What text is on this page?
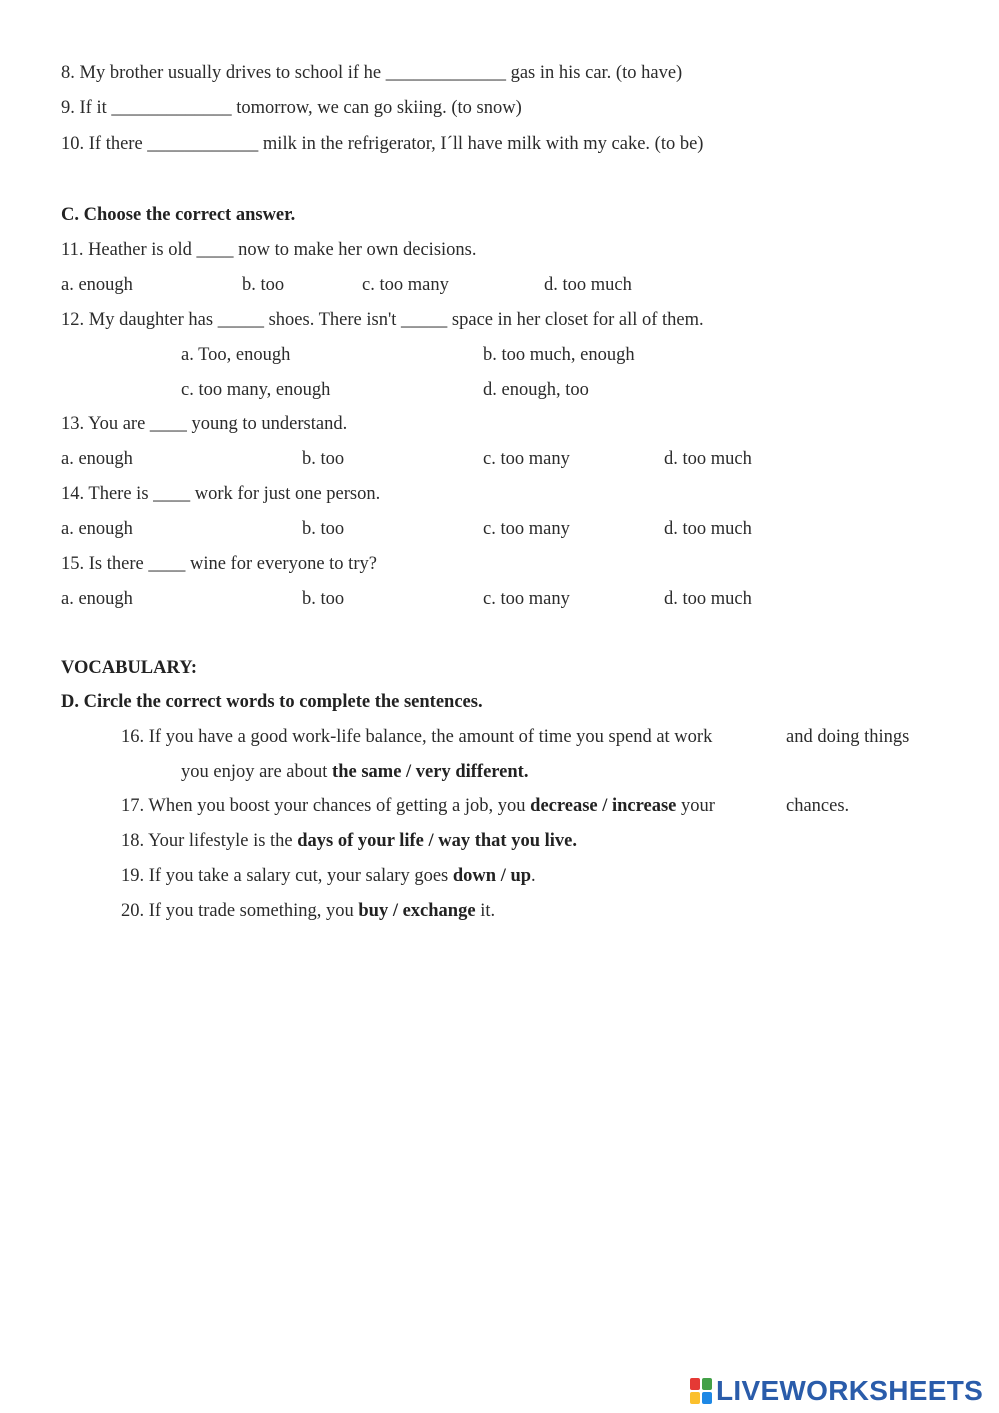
8. My brother usually drives to school if he _____________ gas in his car. (to have)
9. If it _____________ tomorrow, we can go skiing. (to snow)
10. If there ____________ milk in the refrigerator, I´ll have milk with my cake. (to be)
C. Choose the correct answer.
11. Heather is old ____ now to make her own decisions.
a. enough	b. too	c. too many	d. too much
12. My daughter has _____ shoes. There isn't _____ space in her closet for all of them.
a. Too, enough	b. too much, enough
c. too many, enough	d. enough, too
13. You are ____ young to understand.
a. enough	b. too	c. too many	d. too much
14. There is ____ work for just one person.
a. enough	b. too	c. too many	d. too much
15. Is there ____ wine for everyone to try?
a. enough	b. too	c. too many	d. too much
VOCABULARY:
D. Circle the correct words to complete the sentences.
16. If you have a good work-life balance, the amount of time you spend at work	and doing things
you enjoy are about the same / very different.
17. When you boost your chances of getting a job, you decrease / increase your	chances.
18. Your lifestyle is the days of your life / way that you live.
19. If you take a salary cut, your salary goes down / up.
20. If you trade something, you buy / exchange it.
LIVEWORKSHEETS
